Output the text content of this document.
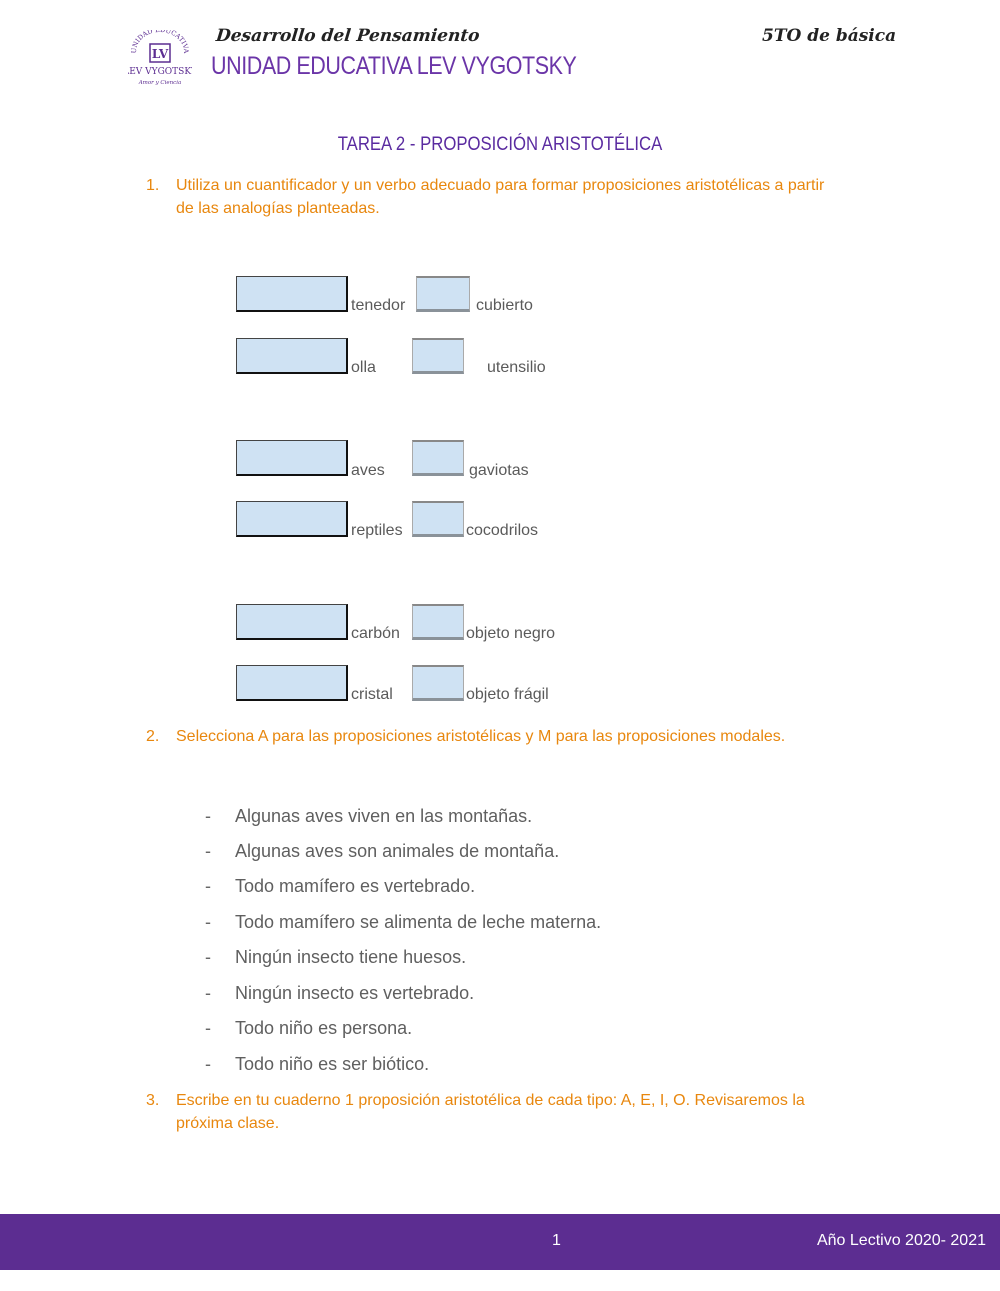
UNIDAD EDUCATIVA
LV
EV VYGOTSKY
Amor y Ciencia
Desarrollo del Pensamiento	5TO de básica
UNIDAD EDUCATIVA LEV VYGOTSKY
TAREA 2 - PROPOSICIÓN ARISTOTÉLICA
1. Utiliza un cuantificador y un verbo adecuado para formar proposiciones aristotélicas a partir
de las analogías planteadas.
tenedor	cubierto
olla	utensilio
aves	gaviotas
reptiles	cocodrilos
carbón	objeto negro
cristal	objeto frágil
2. Selecciona A para las proposiciones aristotélicas y M para las proposiciones modales.
- Algunas aves viven en las montañas.
- Algunas aves son animales de montaña.
- Todo mamífero es vertebrado.
- Todo mamífero se alimenta de leche materna.
- Ningún insecto tiene huesos.
- Ningún insecto es vertebrado.
- Todo niño es persona.
- Todo niño es ser biótico.
3. Escribe en tu cuaderno 1 proposición aristotélica de cada tipo: A, E, I, O. Revisaremos la
próxima clase.
1	Año Lectivo 2020- 2021
